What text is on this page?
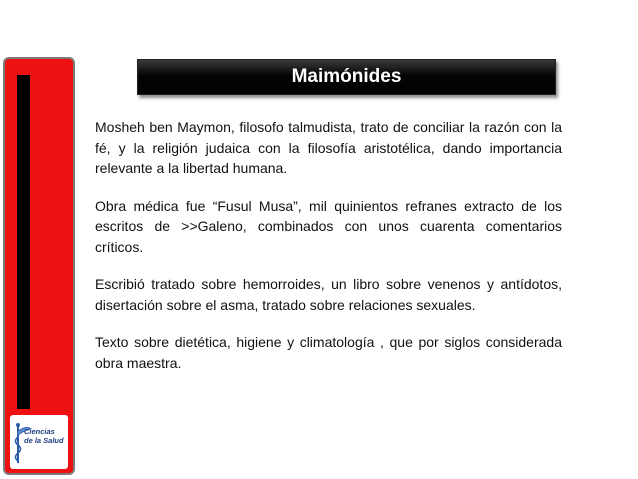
Ciencias
de la Salud
Maimónides

Mosheh ben Maymon, filosofo talmudista, trato de conciliar la razón con la fé, y la religión judaica con la filosofía aristotélica, dando importancia relevante a la libertad humana.

Obra médica fue “Fusul Musa”, mil quinientos refranes extracto de los escritos de >>Galeno, combinados con unos cuarenta comentarios críticos.

Escribió tratado sobre hemorroides, un libro sobre venenos y antídotos, disertación sobre el asma, tratado sobre relaciones sexuales.

Texto sobre dietética, higiene y climatología , que por siglos considerada obra maestra.
